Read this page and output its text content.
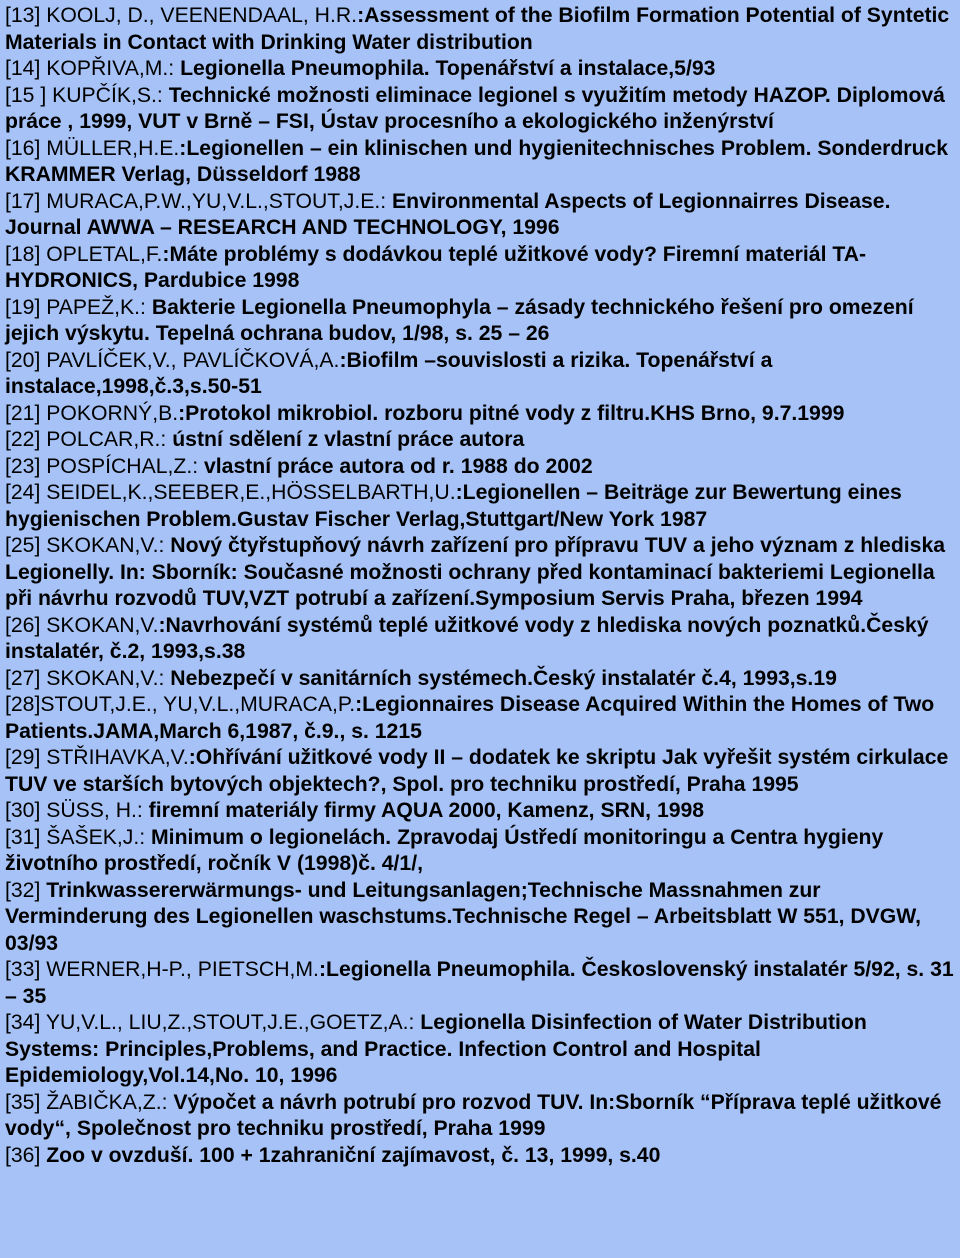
[13] KOOLJ, D., VEENENDAAL, H.R.:Assessment of the Biofilm Formation Potential of Syntetic Materials in Contact with Drinking Water distribution
[14] KOPŘIVA,M.: Legionella Pneumophila. Topenářství a instalace,5/93
[15 ] KUPČÍK,S.: Technické možnosti eliminace legionel s využitím metody HAZOP. Diplomová práce , 1999, VUT v Brně – FSI, Ústav procesního a ekologického inženýrství
[16] MÜLLER,H.E.:Legionellen – ein klinischen und hygienitechnisches Problem. Sonderdruck KRAMMER Verlag, Düsseldorf 1988
[17] MURACA,P.W.,YU,V.L.,STOUT,J.E.: Environmental Aspects of Legionnairres Disease. Journal AWWA – RESEARCH AND TECHNOLOGY, 1996
[18] OPLETAL,F.:Máte problémy s dodávkou teplé užitkové vody? Firemní materiál TA-HYDRONICS, Pardubice 1998
[19] PAPEŽ,K.: Bakterie Legionella Pneumophyla – zásady technického řešení pro omezení jejich výskytu. Tepelná ochrana budov, 1/98, s. 25 – 26
[20] PAVLÍČEK,V., PAVLÍČKOVÁ,A.:Biofilm –souvislosti a rizika. Topenářství a instalace,1998,č.3,s.50-51
[21] POKORNÝ,B.:Protokol mikrobiol. rozboru pitné vody z filtru.KHS Brno, 9.7.1999
[22] POLCAR,R.: ústní sdělení z vlastní práce autora
[23] POSPÍCHAL,Z.: vlastní práce autora od r. 1988 do 2002
[24] SEIDEL,K.,SEEBER,E.,HÖSSELBARTH,U.:Legionellen – Beiträge zur Bewertung eines hygienischen Problem.Gustav Fischer Verlag,Stuttgart/New York 1987
[25] SKOKAN,V.: Nový čtyřstupňový návrh zařízení pro přípravu TUV a jeho význam z hlediska Legionelly. In: Sborník: Současné možnosti ochrany před kontaminací bakteriemi Legionella při návrhu rozvodů TUV,VZT potrubí a zařízení.Symposium Servis Praha, březen 1994
[26] SKOKAN,V.:Navrhování systémů teplé užitkové vody z hlediska nových poznatků.Český instalatér, č.2, 1993,s.38
[27] SKOKAN,V.: Nebezpečí v sanitárních systémech.Český instalatér č.4, 1993,s.19
[28]STOUT,J.E., YU,V.L.,MURACA,P.:Legionnaires Disease Acquired Within the Homes of Two Patients.JAMA,March 6,1987, č.9., s. 1215
[29] STŘIHAVKA,V.:Ohřívání užitkové vody II – dodatek ke skriptu Jak vyřešit systém cirkulace TUV ve starších bytových objektech?, Spol. pro techniku prostředí, Praha 1995
[30] SÜSS, H.: firemní materiály firmy AQUA 2000, Kamenz, SRN, 1998
[31] ŠAŠEK,J.: Minimum o legionelách. Zpravodaj Ústředí monitoringu a Centra hygieny životního prostředí, ročník V (1998)č. 4/1/,
[32] Trinkwassererwärmungs- und Leitungsanlagen;Technische Massnahmen zur Verminderung des Legionellen waschstums.Technische Regel – Arbeitsblatt W 551, DVGW, 03/93
[33] WERNER,H-P., PIETSCH,M.:Legionella Pneumophila. Československý instalatér 5/92, s. 31 – 35
[34] YU,V.L., LIU,Z.,STOUT,J.E.,GOETZ,A.: Legionella Disinfection of Water Distribution Systems: Principles,Problems, and Practice. Infection Control and Hospital Epidemiology,Vol.14,No. 10, 1996
[35] ŽABIČKA,Z.: Výpočet a návrh potrubí pro rozvod TUV. In:Sborník “Příprava teplé užitkové vody“, Společnost pro techniku prostředí, Praha 1999
[36] Zoo v ovzduší. 100 + 1zahraniční zajímavost, č. 13, 1999, s.40
